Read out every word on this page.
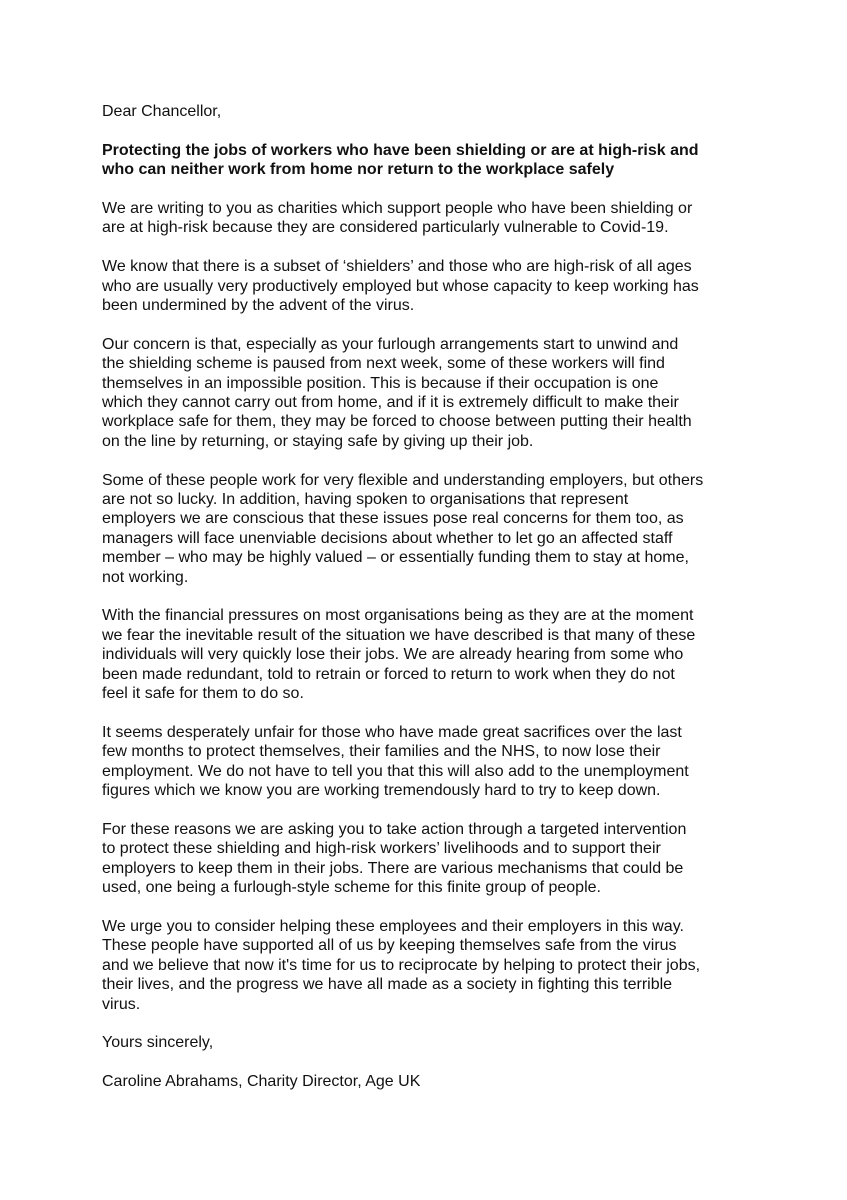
Dear Chancellor,

Protecting the jobs of workers who have been shielding or are at high-risk and
who can neither work from home nor return to the workplace safely

We are writing to you as charities which support people who have been shielding or
are at high-risk because they are considered particularly vulnerable to Covid-19.

We know that there is a subset of ‘shielders’ and those who are high-risk of all ages
who are usually very productively employed but whose capacity to keep working has
been undermined by the advent of the virus.

Our concern is that, especially as your furlough arrangements start to unwind and
the shielding scheme is paused from next week, some of these workers will find
themselves in an impossible position. This is because if their occupation is one
which they cannot carry out from home, and if it is extremely difficult to make their
workplace safe for them, they may be forced to choose between putting their health
on the line by returning, or staying safe by giving up their job.

Some of these people work for very flexible and understanding employers, but others
are not so lucky. In addition, having spoken to organisations that represent
employers we are conscious that these issues pose real concerns for them too, as
managers will face unenviable decisions about whether to let go an affected staff
member – who may be highly valued – or essentially funding them to stay at home,
not working.

With the financial pressures on most organisations being as they are at the moment
we fear the inevitable result of the situation we have described is that many of these
individuals will very quickly lose their jobs. We are already hearing from some who
been made redundant, told to retrain or forced to return to work when they do not
feel it safe for them to do so.

It seems desperately unfair for those who have made great sacrifices over the last
few months to protect themselves, their families and the NHS, to now lose their
employment. We do not have to tell you that this will also add to the unemployment
figures which we know you are working tremendously hard to try to keep down.

For these reasons we are asking you to take action through a targeted intervention
to protect these shielding and high-risk workers’ livelihoods and to support their
employers to keep them in their jobs. There are various mechanisms that could be
used, one being a furlough-style scheme for this finite group of people.

We urge you to consider helping these employees and their employers in this way.
These people have supported all of us by keeping themselves safe from the virus
and we believe that now it's time for us to reciprocate by helping to protect their jobs,
their lives, and the progress we have all made as a society in fighting this terrible
virus.

Yours sincerely,

Caroline Abrahams, Charity Director, Age UK
